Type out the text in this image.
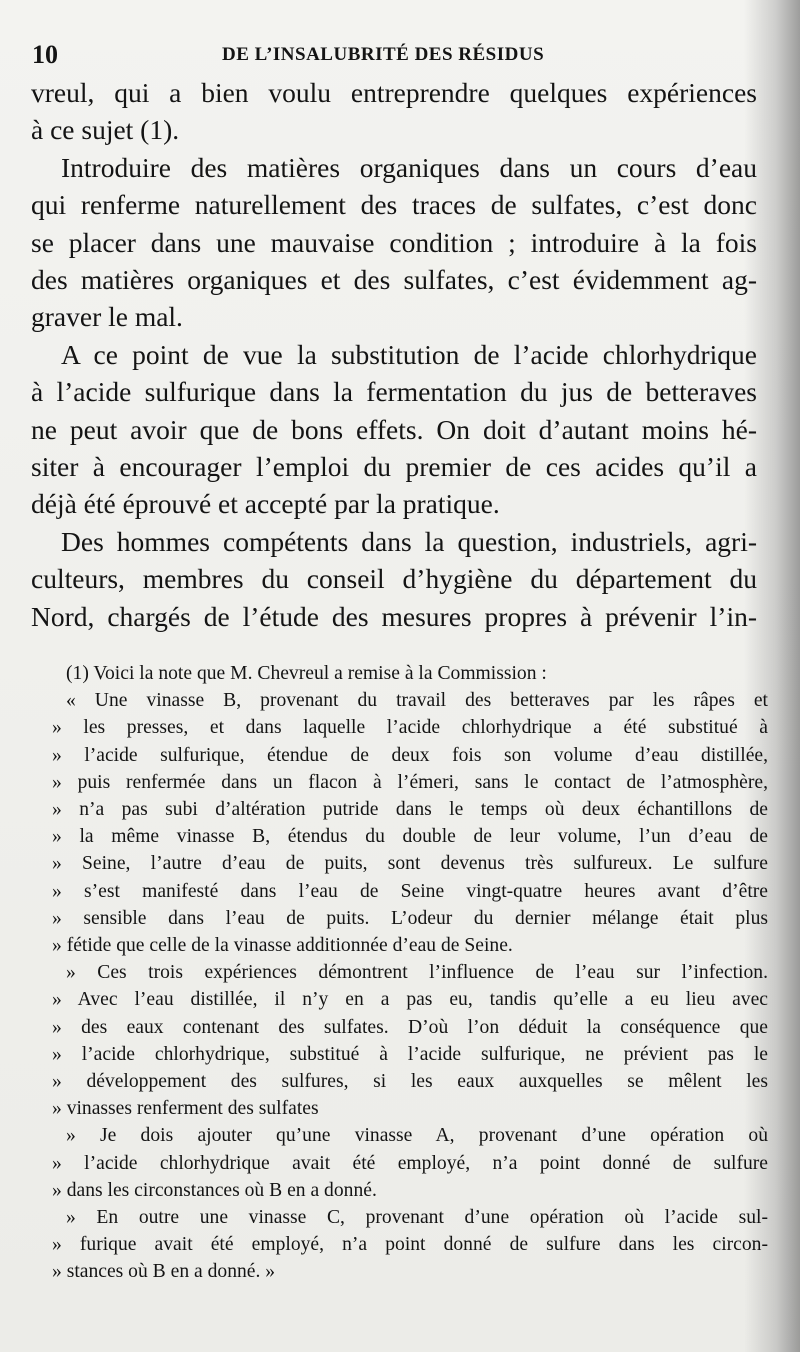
10	DE L’INSALUBRITÉ DES RÉSIDUS

vreul, qui a bien voulu entreprendre quelques expériences
à ce sujet (1).

Introduire des matières organiques dans un cours d’eau
qui renferme naturellement des traces de sulfates, c’est donc
se placer dans une mauvaise condition ; introduire à la fois
des matières organiques et des sulfates, c’est évidemment ag-
graver le mal.

A ce point de vue la substitution de l’acide chlorhydrique
à l’acide sulfurique dans la fermentation du jus de betteraves
ne peut avoir que de bons effets. On doit d’autant moins hé-
siter à encourager l’emploi du premier de ces acides qu’il a
déjà été éprouvé et accepté par la pratique.

Des hommes compétents dans la question, industriels, agri-
culteurs, membres du conseil d’hygiène du département du
Nord, chargés de l’étude des mesures propres à prévenir l’in-

(1) Voici la note que M. Chevreul a remise à la Commission :

« Une vinasse B, provenant du travail des betteraves par les râpes et
» les presses, et dans laquelle l’acide chlorhydrique a été substitué à
» l’acide sulfurique, étendue de deux fois son volume d’eau distillée,
» puis renfermée dans un flacon à l’émeri, sans le contact de l’atmosphère,
» n’a pas subi d’altération putride dans le temps où deux échantillons de
» la même vinasse B, étendus du double de leur volume, l’un d’eau de
» Seine, l’autre d’eau de puits, sont devenus très sulfureux. Le sulfure
» s’est manifesté dans l’eau de Seine vingt-quatre heures avant d’être
» sensible dans l’eau de puits. L’odeur du dernier mélange était plus
» fétide que celle de la vinasse additionnée d’eau de Seine.
» Ces trois expériences démontrent l’influence de l’eau sur l’infection.
» Avec l’eau distillée, il n’y en a pas eu, tandis qu’elle a eu lieu avec
» des eaux contenant des sulfates. D’où l’on déduit la conséquence que
» l’acide chlorhydrique, substitué à l’acide sulfurique, ne prévient pas le
» développement des sulfures, si les eaux auxquelles se mêlent les
» vinasses renferment des sulfates
» Je dois ajouter qu’une vinasse A, provenant d’une opération où
» l’acide chlorhydrique avait été employé, n’a point donné de sulfure
» dans les circonstances où B en a donné.
» En outre une vinasse C, provenant d’une opération où l’acide sul-
» furique avait été employé, n’a point donné de sulfure dans les circon-
» stances où B en a donné. »
